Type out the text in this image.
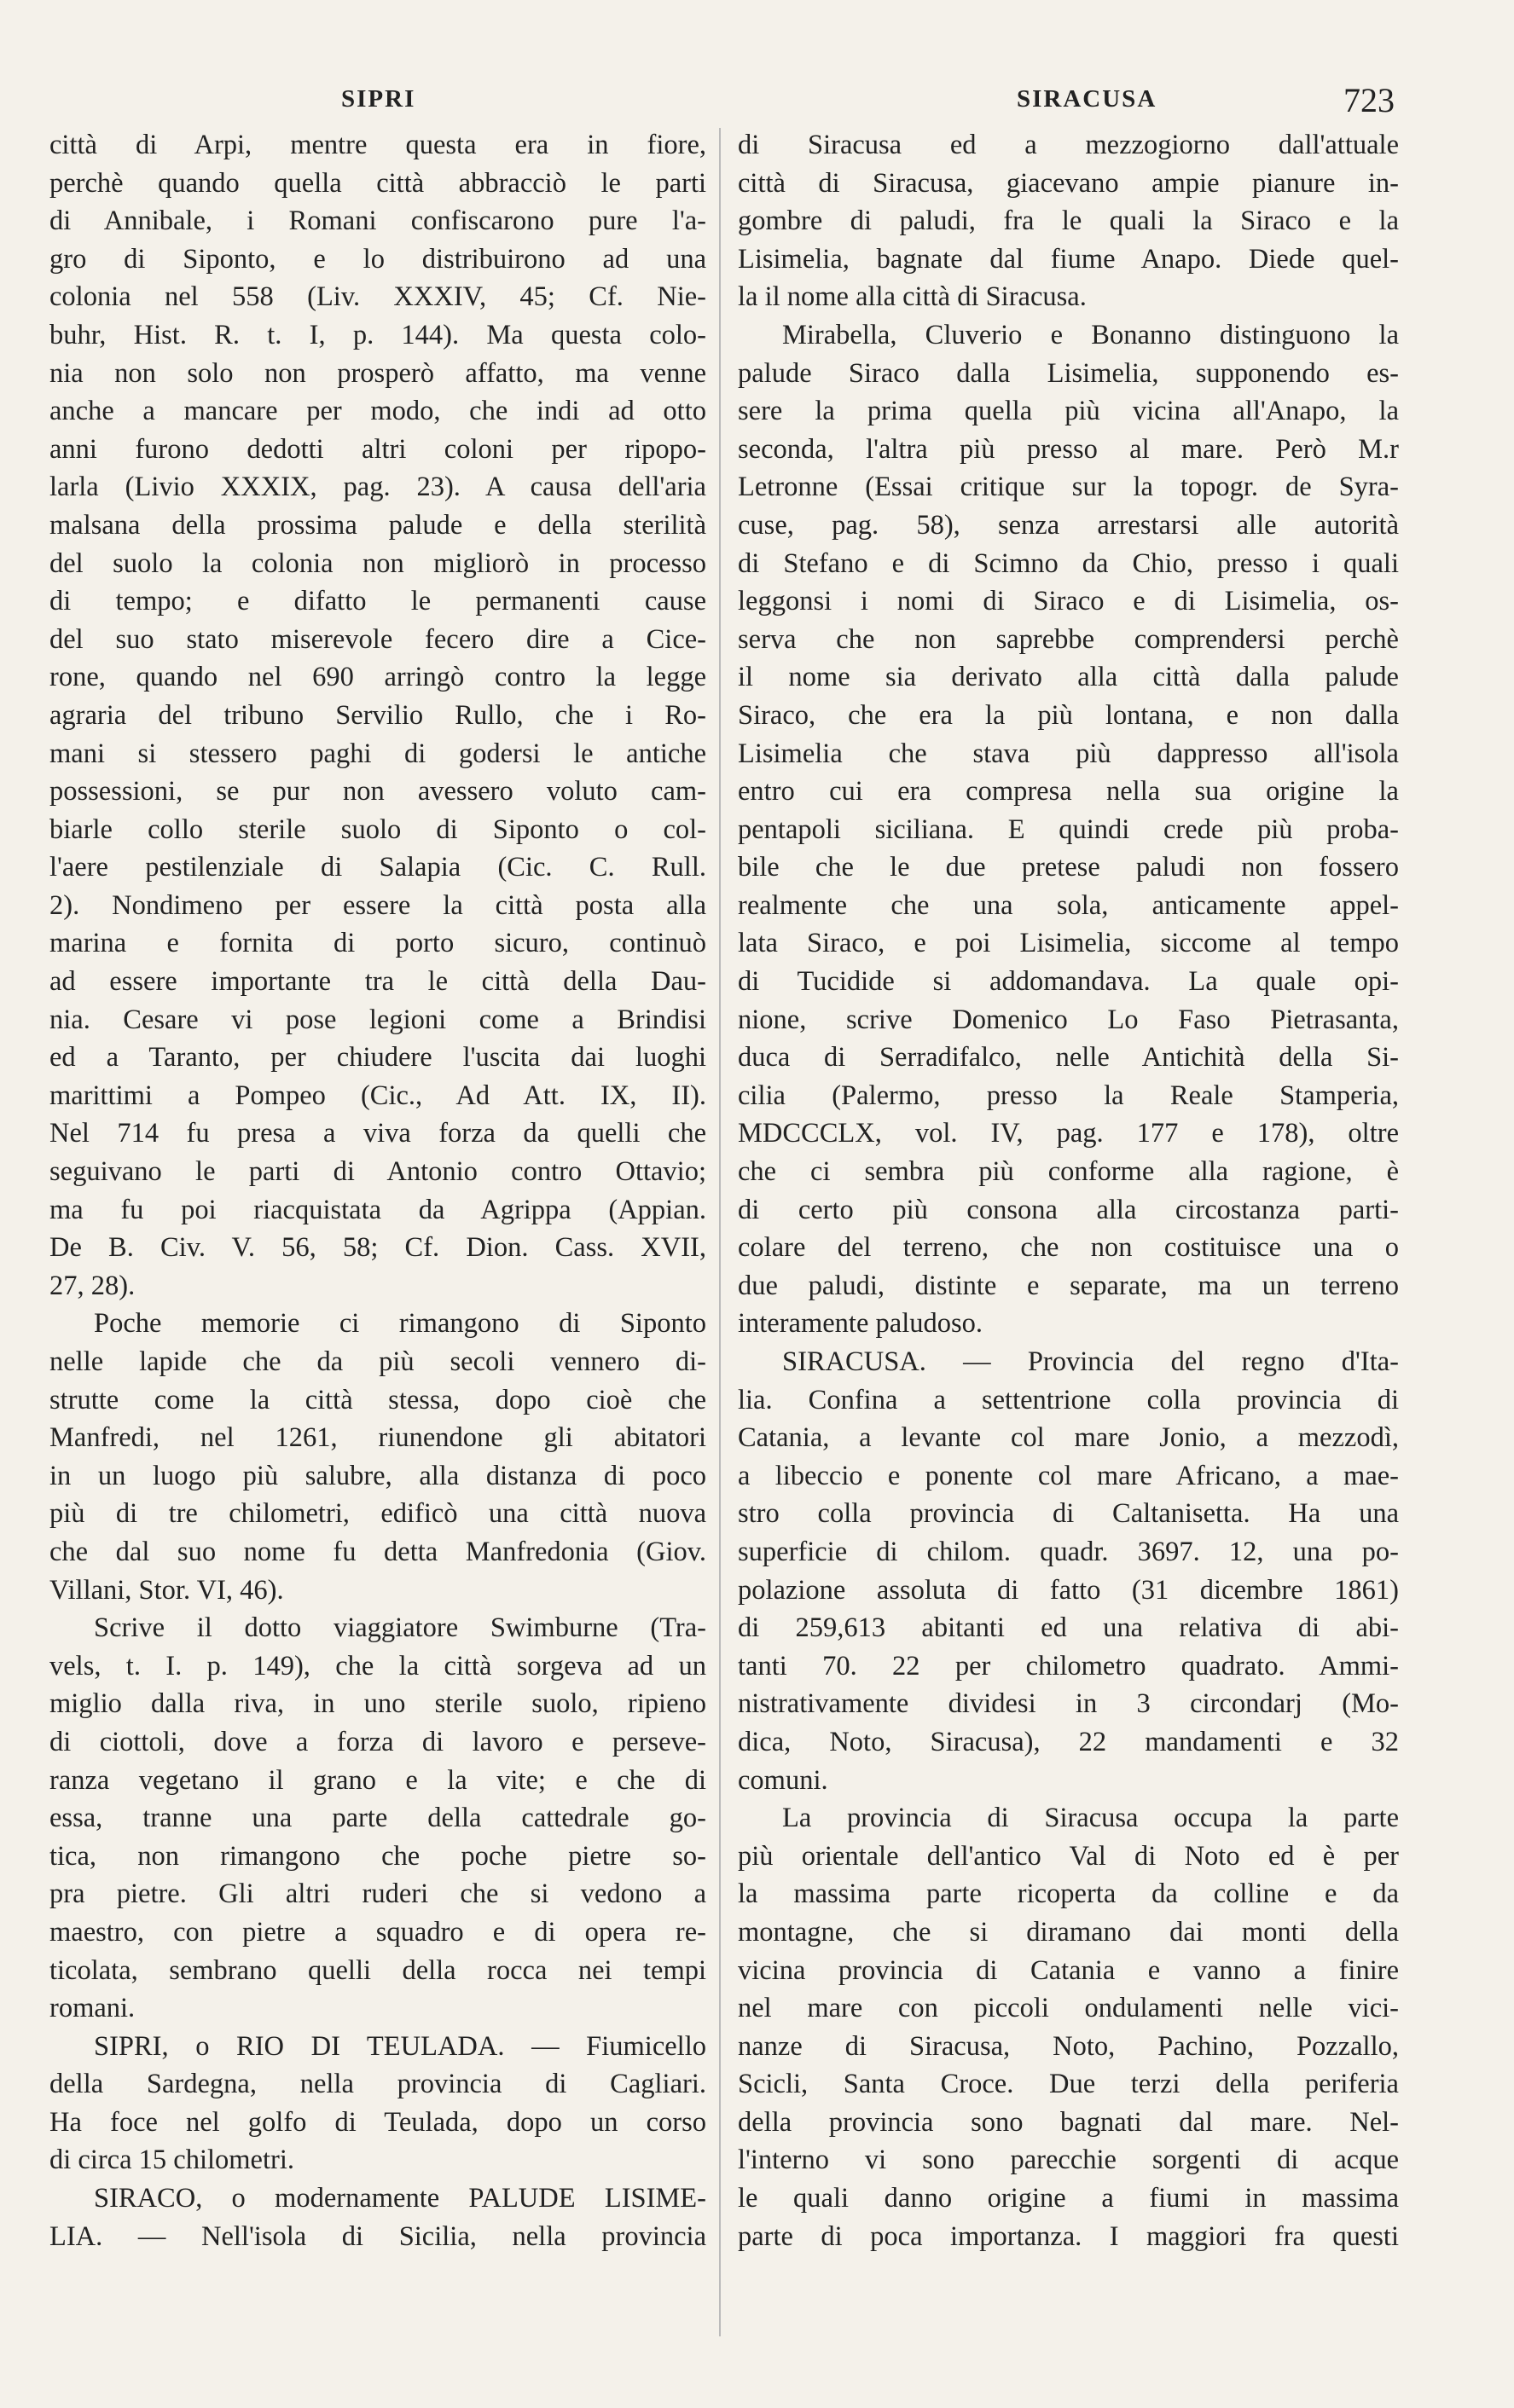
SIPRI	SIRACUSA	723
città di Arpi, mentre questa era in fiore,
perchè quando quella città abbracciò le parti
di Annibale, i Romani confiscarono pure l'a-
gro di Siponto, e lo distribuirono ad una
colonia nel 558 (Liv. XXXIV, 45; Cf. Nie-
buhr, Hist. R. t. I, p. 144). Ma questa colo-
nia non solo non prosperò affatto, ma venne
anche a mancare per modo, che indi ad otto
anni furono dedotti altri coloni per ripopo-
larla (Livio XXXIX, pag. 23). A causa dell'aria
malsana della prossima palude e della sterilità
del suolo la colonia non migliorò in processo
di tempo; e difatto le permanenti cause
del suo stato miserevole fecero dire a Cice-
rone, quando nel 690 arringò contro la legge
agraria del tribuno Servilio Rullo, che i Ro-
mani si stessero paghi di godersi le antiche
possessioni, se pur non avessero voluto cam-
biarle collo sterile suolo di Siponto o col-
l'aere pestilenziale di Salapia (Cic. C. Rull.
2). Nondimeno per essere la città posta alla
marina e fornita di porto sicuro, continuò
ad essere importante tra le città della Dau-
nia. Cesare vi pose legioni come a Brindisi
ed a Taranto, per chiudere l'uscita dai luoghi
marittimi a Pompeo (Cic., Ad Att. IX, II).
Nel 714 fu presa a viva forza da quelli che
seguivano le parti di Antonio contro Ottavio;
ma fu poi riacquistata da Agrippa (Appian.
De B. Civ. V. 56, 58; Cf. Dion. Cass. XVII,
27, 28).
Poche memorie ci rimangono di Siponto
nelle lapide che da più secoli vennero di-
strutte come la città stessa, dopo cioè che
Manfredi, nel 1261, riunendone gli abitatori
in un luogo più salubre, alla distanza di poco
più di tre chilometri, edificò una città nuova
che dal suo nome fu detta Manfredonia (Giov.
Villani, Stor. VI, 46).
Scrive il dotto viaggiatore Swimburne (Tra-
vels, t. I. p. 149), che la città sorgeva ad un
miglio dalla riva, in uno sterile suolo, ripieno
di ciottoli, dove a forza di lavoro e perseve-
ranza vegetano il grano e la vite; e che di
essa, tranne una parte della cattedrale go-
tica, non rimangono che poche pietre so-
pra pietre. Gli altri ruderi che si vedono a
maestro, con pietre a squadro e di opera re-
ticolata, sembrano quelli della rocca nei tempi
romani.
SIPRI, o RIO DI TEULADA. — Fiumicello
della Sardegna, nella provincia di Cagliari.
Ha foce nel golfo di Teulada, dopo un corso
di circa 15 chilometri.
SIRACO, o modernamente PALUDE LISIME-
LIA. — Nell'isola di Sicilia, nella provincia
di Siracusa ed a mezzogiorno dall'attuale
città di Siracusa, giacevano ampie pianure in-
gombre di paludi, fra le quali la Siraco e la
Lisimelia, bagnate dal fiume Anapo. Diede quel-
la il nome alla città di Siracusa.
Mirabella, Cluverio e Bonanno distinguono la
palude Siraco dalla Lisimelia, supponendo es-
sere la prima quella più vicina all'Anapo, la
seconda, l'altra più presso al mare. Però M.r
Letronne (Essai critique sur la topogr. de Syra-
cuse, pag. 58), senza arrestarsi alle autorità
di Stefano e di Scimno da Chio, presso i quali
leggonsi i nomi di Siraco e di Lisimelia, os-
serva che non saprebbe comprendersi perchè
il nome sia derivato alla città dalla palude
Siraco, che era la più lontana, e non dalla
Lisimelia che stava più dappresso all'isola
entro cui era compresa nella sua origine la
pentapoli siciliana. E quindi crede più proba-
bile che le due pretese paludi non fossero
realmente che una sola, anticamente appel-
lata Siraco, e poi Lisimelia, siccome al tempo
di Tucidide si addomandava. La quale opi-
nione, scrive Domenico Lo Faso Pietrasanta,
duca di Serradifalco, nelle Antichità della Si-
cilia (Palermo, presso la Reale Stamperia,
MDCCCLX, vol. IV, pag. 177 e 178), oltre
che ci sembra più conforme alla ragione, è
di certo più consona alla circostanza parti-
colare del terreno, che non costituisce una o
due paludi, distinte e separate, ma un terreno
interamente paludoso.
SIRACUSA. — Provincia del regno d'Ita-
lia. Confina a settentrione colla provincia di
Catania, a levante col mare Jonio, a mezzodì,
a libeccio e ponente col mare Africano, a mae-
stro colla provincia di Caltanisetta. Ha una
superficie di chilom. quadr. 3697. 12, una po-
polazione assoluta di fatto (31 dicembre 1861)
di 259,613 abitanti ed una relativa di abi-
tanti 70. 22 per chilometro quadrato. Ammi-
nistrativamente dividesi in 3 circondarj (Mo-
dica, Noto, Siracusa), 22 mandamenti e 32
comuni.
La provincia di Siracusa occupa la parte
più orientale dell'antico Val di Noto ed è per
la massima parte ricoperta da colline e da
montagne, che si diramano dai monti della
vicina provincia di Catania e vanno a finire
nel mare con piccoli ondulamenti nelle vici-
nanze di Siracusa, Noto, Pachino, Pozzallo,
Scicli, Santa Croce. Due terzi della periferia
della provincia sono bagnati dal mare. Nel-
l'interno vi sono parecchie sorgenti di acque
le quali danno origine a fiumi in massima
parte di poca importanza. I maggiori fra questi
